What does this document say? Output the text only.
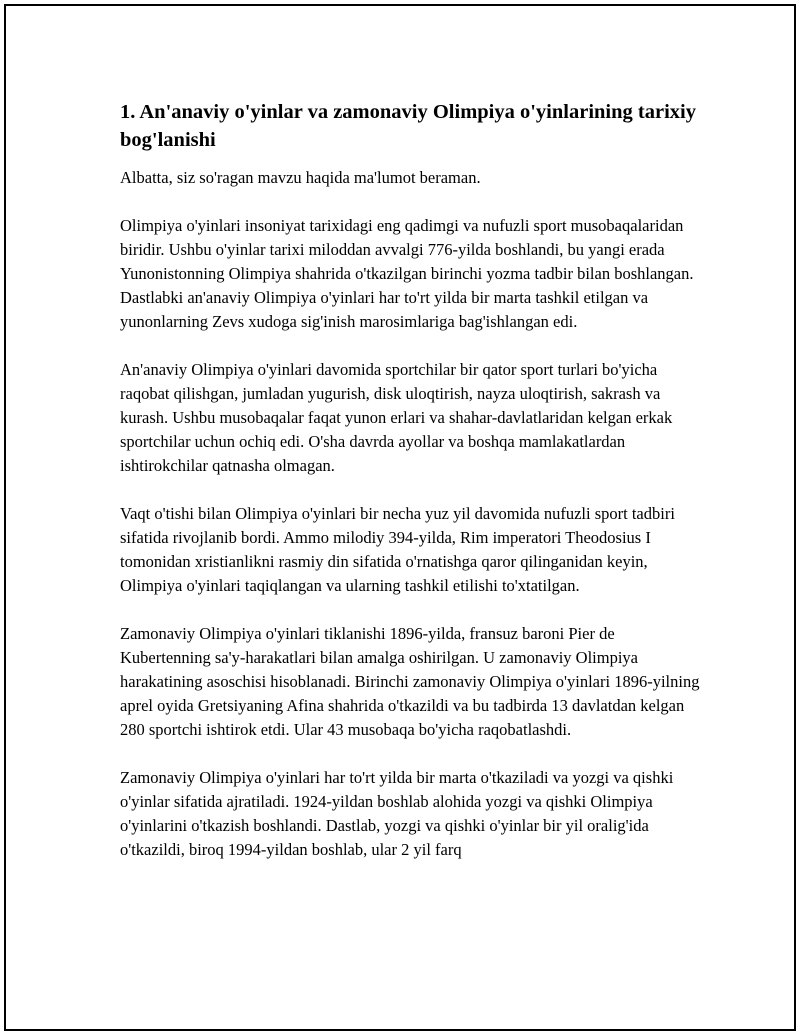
1. An'anaviy o'yinlar va zamonaviy Olimpiya o'yinlarining tarixiy bog'lanishi

Albatta, siz so'ragan mavzu haqida ma'lumot beraman.

Olimpiya o'yinlari insoniyat tarixidagi eng qadimgi va nufuzli sport musobaqalaridan biridir. Ushbu o'yinlar tarixi miloddan avvalgi 776-yilda boshlandi, bu yangi erada Yunonistonning Olimpiya shahrida o'tkazilgan birinchi yozma tadbir bilan boshlangan. Dastlabki an'anaviy Olimpiya o'yinlari har to'rt yilda bir marta tashkil etilgan va yunonlarning Zevs xudoga sig'inish marosimlariga bag'ishlangan edi.

An'anaviy Olimpiya o'yinlari davomida sportchilar bir qator sport turlari bo'yicha raqobat qilishgan, jumladan yugurish, disk uloqtirish, nayza uloqtirish, sakrash va kurash. Ushbu musobaqalar faqat yunon erlari va shahar-davlatlaridan kelgan erkak sportchilar uchun ochiq edi. O'sha davrda ayollar va boshqa mamlakatlardan ishtirokchilar qatnasha olmagan.

Vaqt o'tishi bilan Olimpiya o'yinlari bir necha yuz yil davomida nufuzli sport tadbiri sifatida rivojlanib bordi. Ammo milodiy 394-yilda, Rim imperatori Theodosius I tomonidan xristianlikni rasmiy din sifatida o'rnatishga qaror qilinganidan keyin, Olimpiya o'yinlari taqiqlangan va ularning tashkil etilishi to'xtatilgan.

Zamonaviy Olimpiya o'yinlari tiklanishi 1896-yilda, fransuz baroni Pier de Kubertenning sa'y-harakatlari bilan amalga oshirilgan. U zamonaviy Olimpiya harakatining asoschisi hisoblanadi. Birinchi zamonaviy Olimpiya o'yinlari 1896-yilning aprel oyida Gretsiyaning Afina shahrida o'tkazildi va bu tadbirda 13 davlatdan kelgan 280 sportchi ishtirok etdi. Ular 43 musobaqa bo'yicha raqobatlashdi.

Zamonaviy Olimpiya o'yinlari har to'rt yilda bir marta o'tkaziladi va yozgi va qishki o'yinlar sifatida ajratiladi. 1924-yildan boshlab alohida yozgi va qishki Olimpiya o'yinlarini o'tkazish boshlandi. Dastlab, yozgi va qishki o'yinlar bir yil oralig'ida o'tkazildi, biroq 1994-yildan boshlab, ular 2 yil farq
